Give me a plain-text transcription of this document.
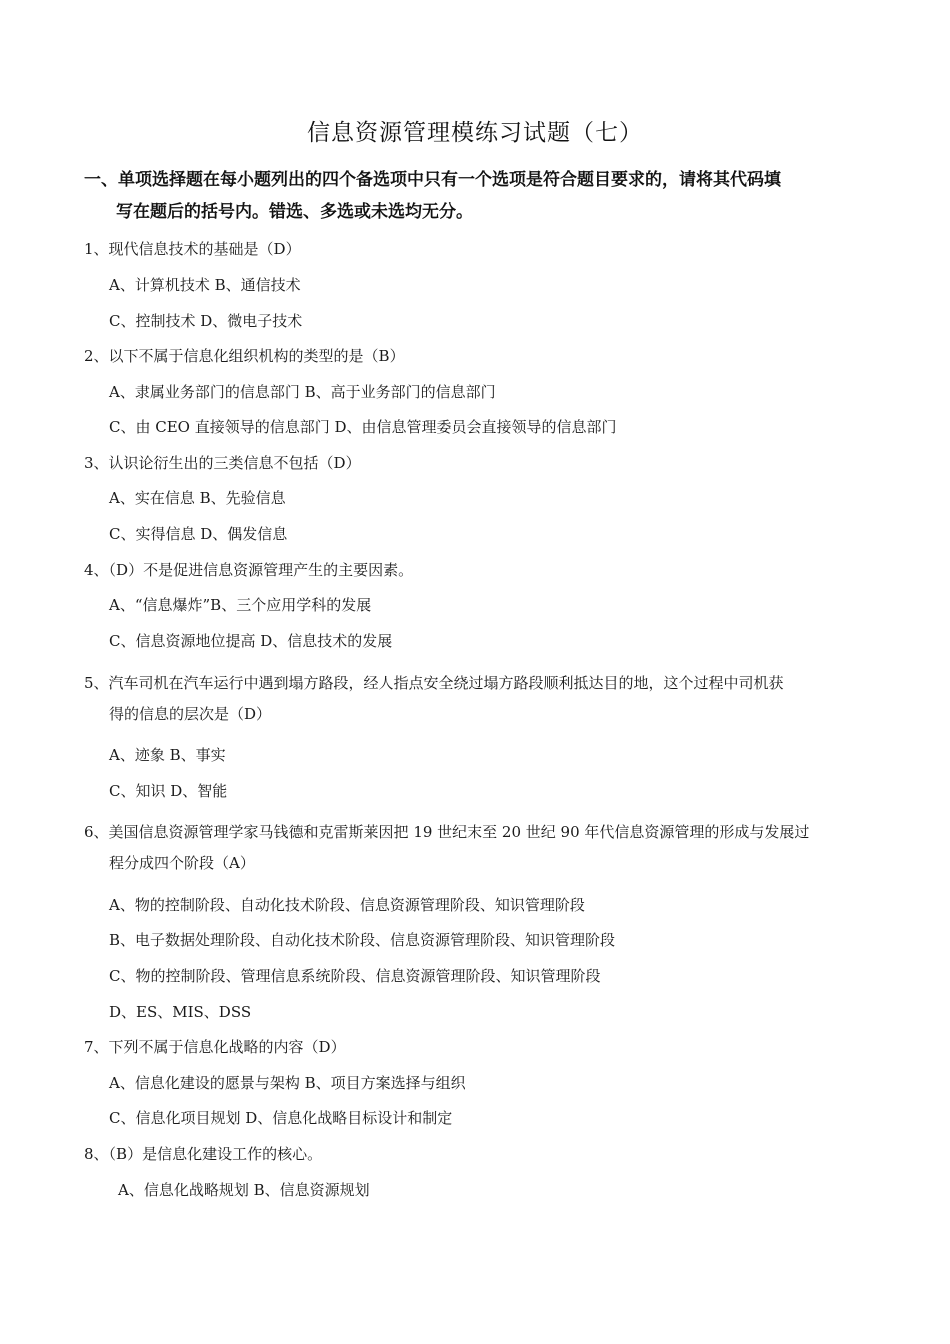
信息资源管理模练习试题（七）
一、单项选择题在每小题列出的四个备选项中只有一个选项是符合题目要求的，请将其代码填
写在题后的括号内。错选、多选或未选均无分。
1、现代信息技术的基础是（D）
A、计算机技术 B、通信技术
C、控制技术 D、微电子技术
2、以下不属于信息化组织机构的类型的是（B）
A、隶属业务部门的信息部门 B、高于业务部门的信息部门
C、由 CEO 直接领导的信息部门 D、由信息管理委员会直接领导的信息部门
3、认识论衍生出的三类信息不包括（D）
A、实在信息 B、先验信息
C、实得信息 D、偶发信息
4、（D）不是促进信息资源管理产生的主要因素。
A、“信息爆炸”B、三个应用学科的发展
C、信息资源地位提高 D、信息技术的发展
5、汽车司机在汽车运行中遇到塌方路段，经人指点安全绕过塌方路段顺利抵达目的地，这个过程中司机获
得的信息的层次是（D）
A、迹象 B、事实
C、知识 D、智能
6、美国信息资源管理学家马钱德和克雷斯莱因把 19 世纪末至 20 世纪 90 年代信息资源管理的形成与发展过
程分成四个阶段（A）
A、物的控制阶段、自动化技术阶段、信息资源管理阶段、知识管理阶段
B、电子数据处理阶段、自动化技术阶段、信息资源管理阶段、知识管理阶段
C、物的控制阶段、管理信息系统阶段、信息资源管理阶段、知识管理阶段
D、ES、MIS、DSS
7、下列不属于信息化战略的内容（D）
A、信息化建设的愿景与架构 B、项目方案选择与组织
C、信息化项目规划 D、信息化战略目标设计和制定
8、（B）是信息化建设工作的核心。
A、信息化战略规划 B、信息资源规划
